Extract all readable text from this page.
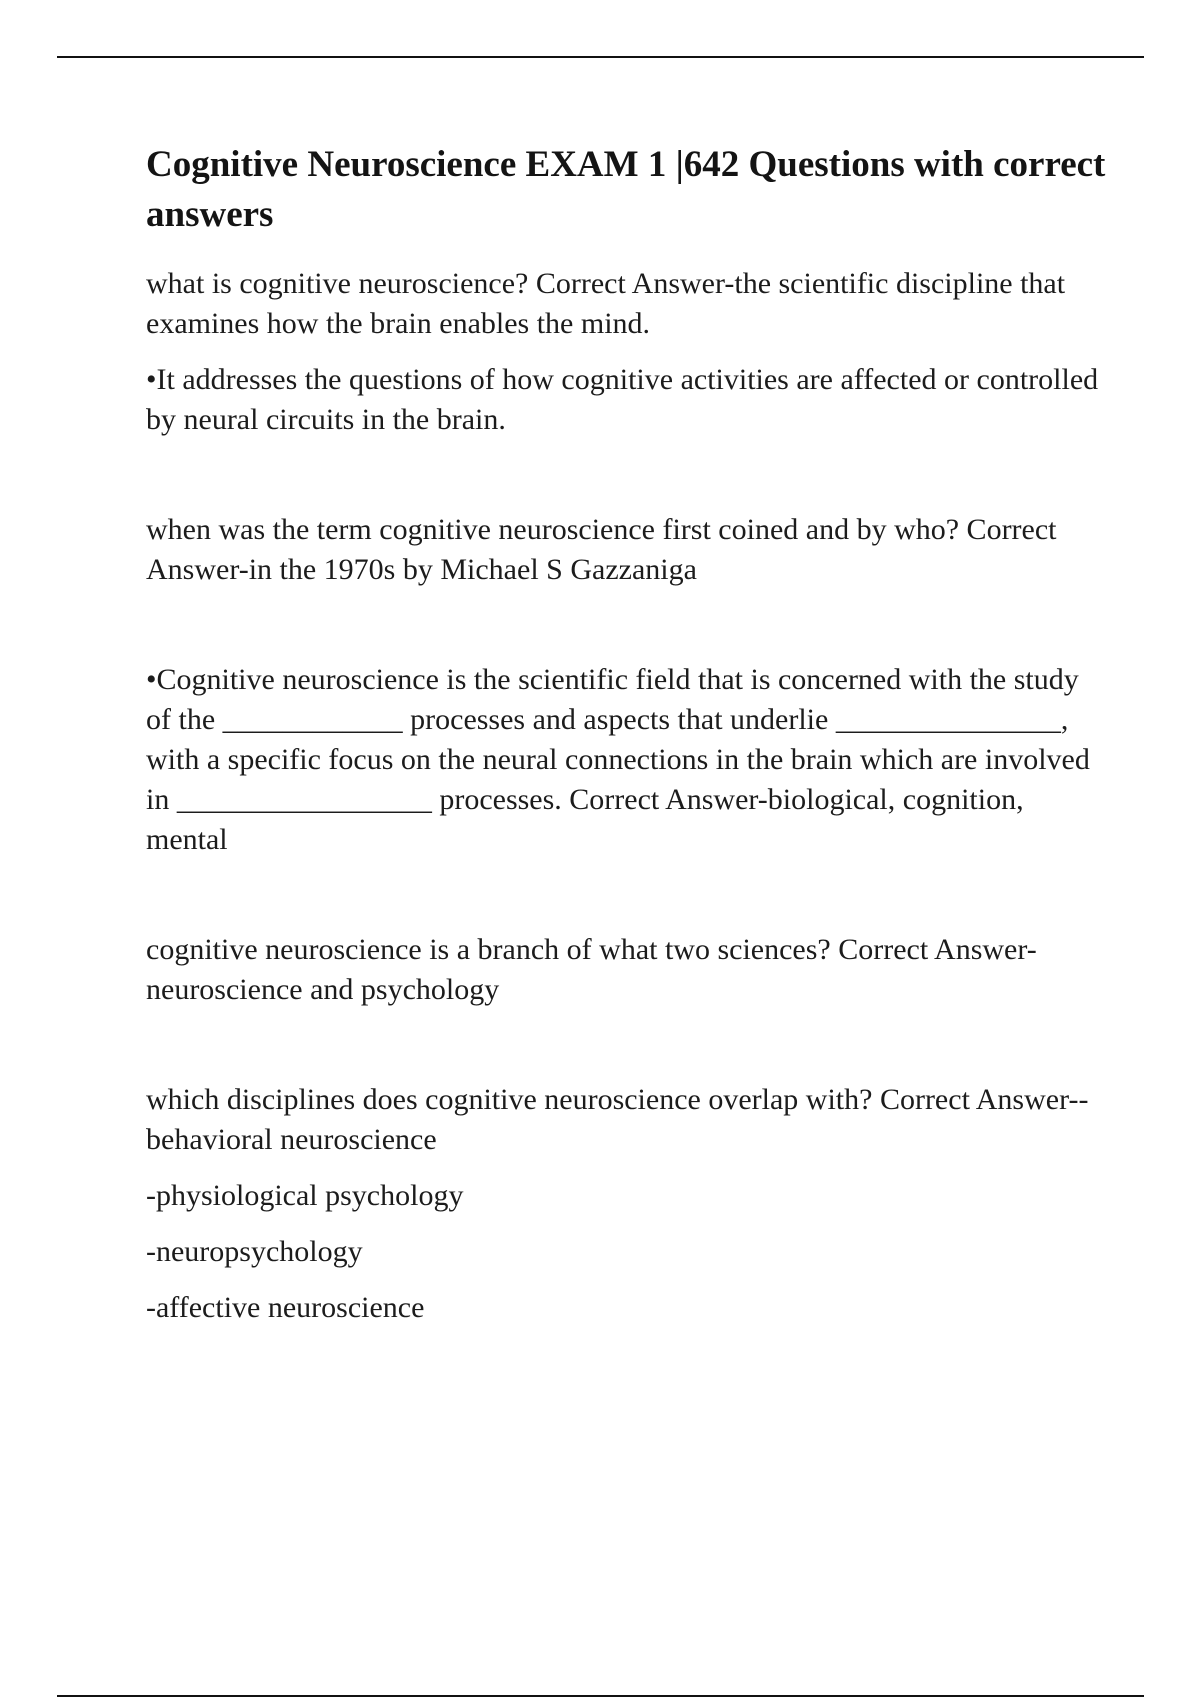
Cognitive Neuroscience EXAM 1 |642 Questions with correct answers

what is cognitive neuroscience? Correct Answer-the scientific discipline that examines how the brain enables the mind.

•It addresses the questions of how cognitive activities are affected or controlled by neural circuits in the brain.

when was the term cognitive neuroscience first coined and by who? Correct Answer-in the 1970s by Michael S Gazzaniga

•Cognitive neuroscience is the scientific field that is concerned with the study of the ____________ processes and aspects that underlie _______________, with a specific focus on the neural connections in the brain which are involved in _________________ processes. Correct Answer-biological, cognition, mental

cognitive neuroscience is a branch of what two sciences? Correct Answer-neuroscience and psychology

which disciplines does cognitive neuroscience overlap with? Correct Answer-- behavioral neuroscience

-physiological psychology

-neuropsychology

-affective neuroscience
